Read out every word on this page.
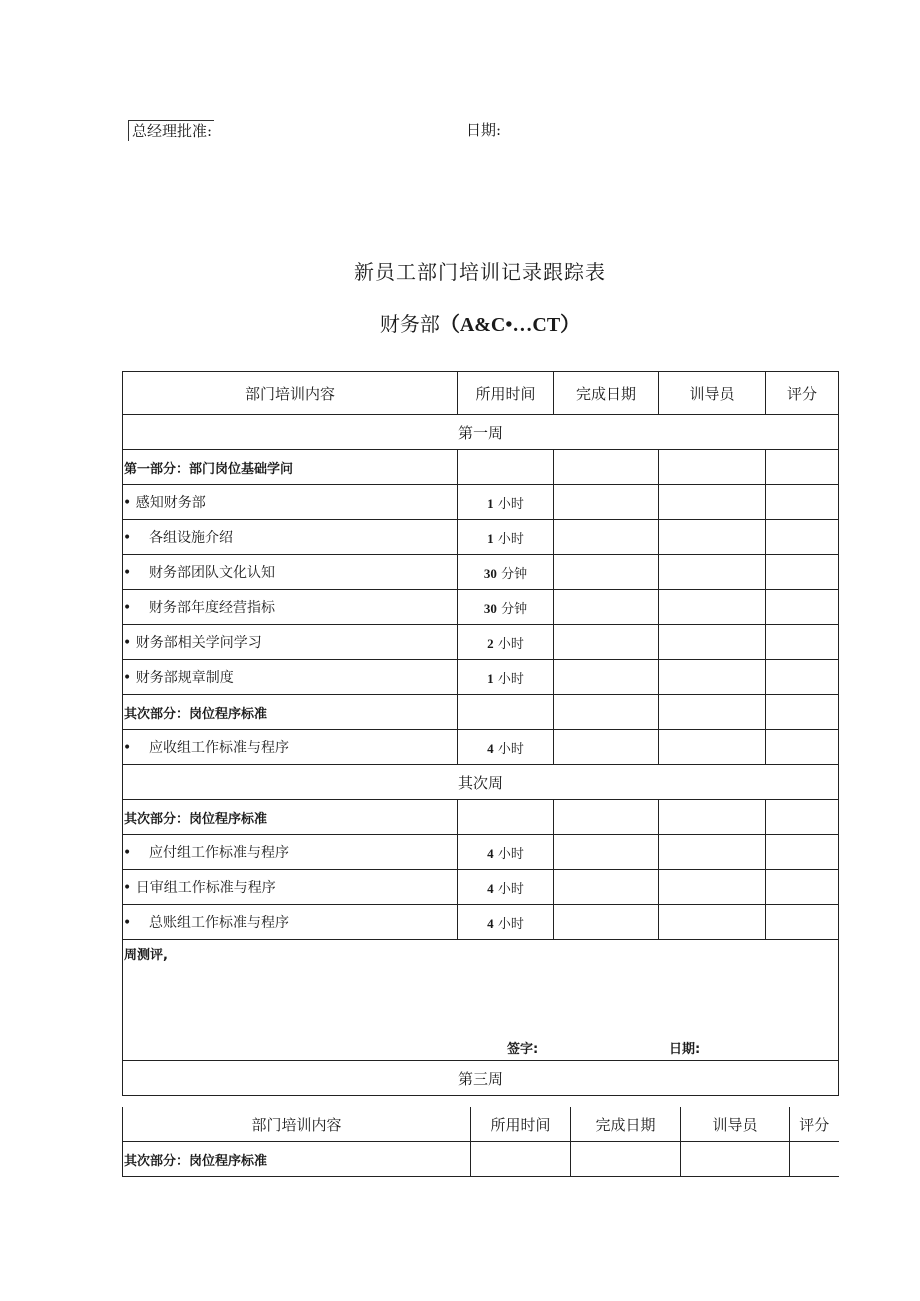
总经理批准:	日期:
新员工部门培训记录跟踪表
财务部（A&C•…CT）
部门培训内容	所用时间	完成日期	训导员	评分
第一周				
第一部分：部门岗位基础学问				
• 感知财务部	1 小时			
•    各组设施介绍	1 小时			
•    财务部团队文化认知	30 分钟			
•    财务部年度经营指标	30 分钟			
• 财务部相关学问学习	2 小时			
• 财务部规章制度	1 小时			
其次部分：岗位程序标准				
•    应收组工作标准与程序	4 小时			
其次周				
其次部分：岗位程序标准				
•    应付组工作标准与程序	4 小时			
• 日审组工作标准与程序	4 小时			
•    总账组工作标准与程序	4 小时			

周测评,
签字: 日期:				

第三周				
部门培训内容	所用时间	完成日期	训导员	评分
其次部分：岗位程序标准				
